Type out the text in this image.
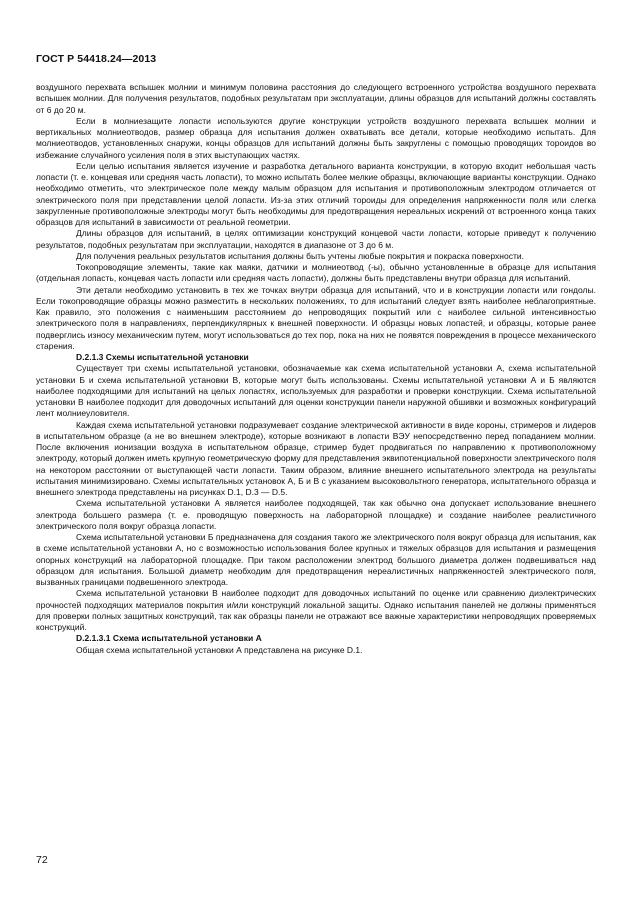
ГОСТ Р 54418.24—2013

воздушного перехвата вспышек молнии и минимум половина расстояния до следующего встроенного устройства воздушного перехвата вспышек молнии. Для получения результатов, подобных результатам при эксплуатации, длины образцов для испытаний должны составлять от 6 до 20 м.

Если в молниезащите лопасти используются другие конструкции устройств воздушного перехвата вспышек молнии и вертикальных молниеотводов, размер образца для испытания должен охватывать все детали, которые необходимо испытать. Для молниеотводов, установленных снаружи, концы образцов для испытаний должны быть закруглены с помощью проводящих тороидов во избежание случайного усиления поля в этих выступающих частях.

Если целью испытания является изучение и разработка детального варианта конструкции, в которую входит небольшая часть лопасти (т. е. концевая или средняя часть лопасти), то можно испытать более мелкие образцы, включающие варианты конструкции. Однако необходимо отметить, что электрическое поле между малым образцом для испытания и противоположным электродом отличается от электрического поля при представлении целой лопасти. Из-за этих отличий тороиды для определения напряженности поля или слегка закругленные противоположные электроды могут быть необходимы для предотвращения нереальных искрений от встроенного конца таких образцов для испытаний в зависимости от реальной геометрии.

Длины образцов для испытаний, в целях оптимизации конструкций концевой части лопасти, которые приведут к получению результатов, подобных результатам при эксплуатации, находятся в диапазоне от 3 до 6 м.

Для получения реальных результатов испытания должны быть учтены любые покрытия и покраска поверхности.

Токопроводящие элементы, такие как маяки, датчики и молниеотвод (-ы), обычно установленные в образце для испытания (отдельная лопасть, концевая часть лопасти или средняя часть лопасти), должны быть представлены внутри образца для испытаний.

Эти детали необходимо установить в тех же точках внутри образца для испытаний, что и в конструкции лопасти или гондолы. Если токопроводящие образцы можно разместить в нескольких положениях, то для испытаний следует взять наиболее неблагоприятные. Как правило, это положения с наименьшим расстоянием до непроводящих покрытий или с наиболее сильной интенсивностью электрического поля в направлениях, перпендикулярных к внешней поверхности. И образцы новых лопастей, и образцы, которые ранее подверглись износу механическим путем, могут использоваться до тех пор, пока на них не появятся повреждения в процессе механического старения.

D.2.1.3 Схемы испытательной установки

Существует три схемы испытательной установки, обозначаемые как схема испытательной установки А, схема испытательной установки Б и схема испытательной установки В, которые могут быть использованы. Схемы испытательной установки А и Б являются наиболее подходящими для испытаний на целых лопастях, используемых для разработки и проверки конструкции. Схема испытательной установки В наиболее подходит для доводочных испытаний для оценки конструкции панели наружной обшивки и возможных конфигураций лент молниеуловителя.

Каждая схема испытательной установки подразумевает создание электрической активности в виде короны, стримеров и лидеров в испытательном образце (а не во внешнем электроде), которые возникают в лопасти ВЭУ непосредственно перед попаданием молнии. После включения ионизации воздуха в испытательном образце, стример будет продвигаться по направлению к противоположному электроду, который должен иметь крупную геометрическую форму для представления эквипотенциальной поверхности электрического поля на некотором расстоянии от выступающей части лопасти. Таким образом, влияние внешнего испытательного электрода на результаты испытания минимизировано. Схемы испытательных установок А, Б и В с указанием высоковольтного генератора, испытательного образца и внешнего электрода представлены на рисунках D.1, D.3 — D.5.

Схема испытательной установки А является наиболее подходящей, так как обычно она допускает использование внешнего электрода большего размера (т. е. проводящую поверхность на лабораторной площадке) и создание наиболее реалистичного электрического поля вокруг образца лопасти.

Схема испытательной установки Б предназначена для создания такого же электрического поля вокруг образца для испытания, как в схеме испытательной установки А, но с возможностью использования более крупных и тяжелых образцов для испытания и размещения опорных конструкций на лабораторной площадке. При таком расположении электрод большого диаметра должен подвешиваться над образцом для испытания. Большой диаметр необходим для предотвращения нереалистичных напряженностей электрического поля, вызванных границами подвешенного электрода.

Схема испытательной установки В наиболее подходит для доводочных испытаний по оценке или сравнению диэлектрических прочностей подходящих материалов покрытия и/или конструкций локальной защиты. Однако испытания панелей не должны применяться для проверки полных защитных конструкций, так как образцы панели не отражают все важные характеристики непроводящих проверяемых конструкций.

D.2.1.3.1 Схема испытательной установки А

Общая схема испытательной установки А представлена на рисунке D.1.

72
